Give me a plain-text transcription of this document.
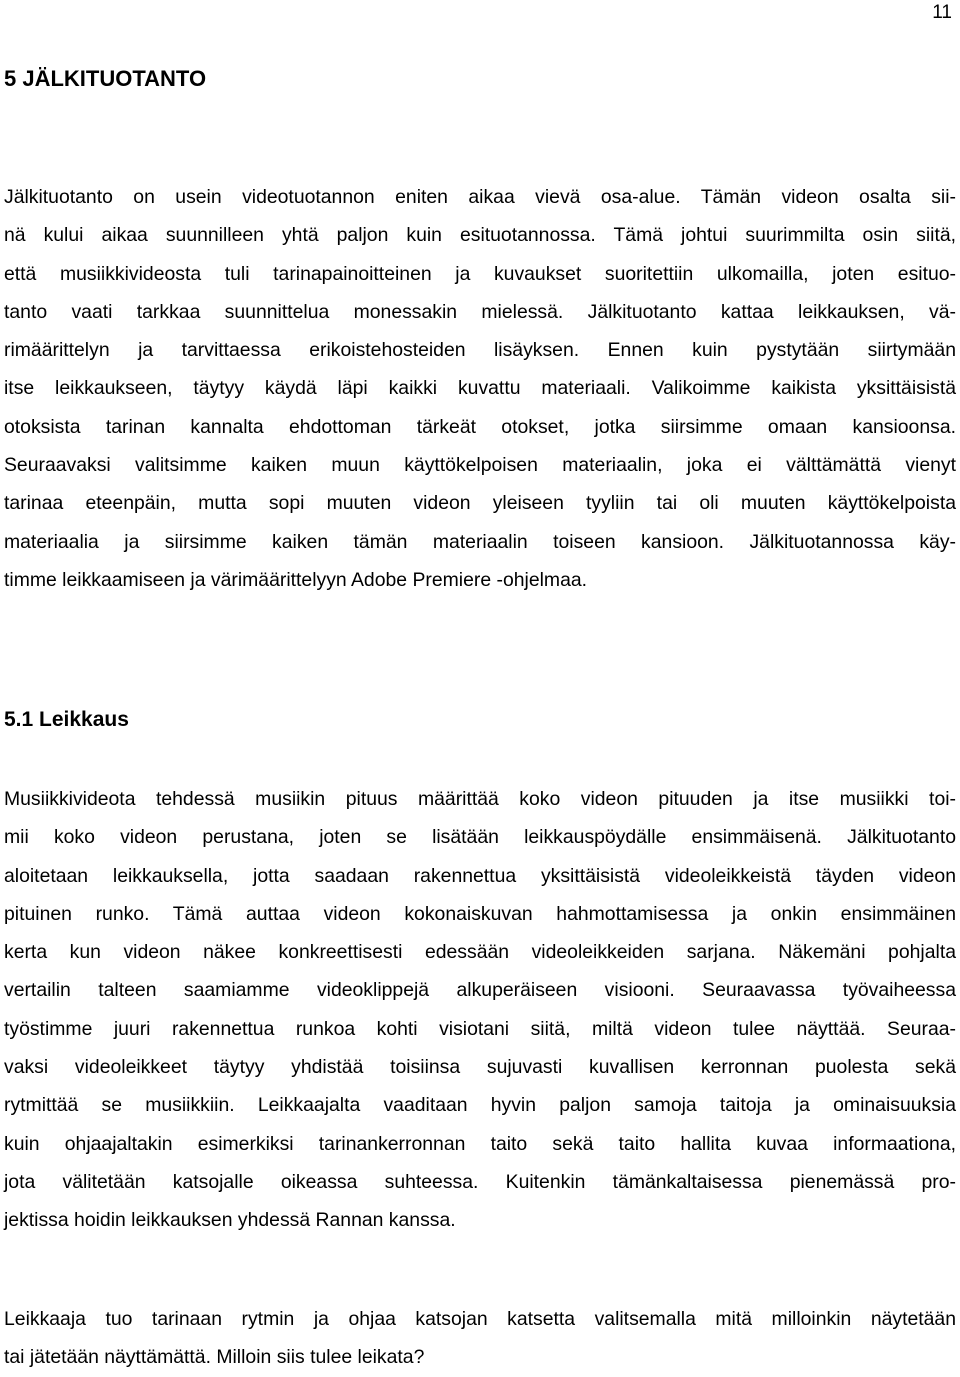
11
5 JÄLKITUOTANTO
Jälkituotanto on usein videotuotannon eniten aikaa vievä osa-alue. Tämän videon osalta sii-
nä kului aikaa suunnilleen yhtä paljon kuin esituotannossa. Tämä johtui suurimmilta osin siitä,
että musiikkivideosta tuli tarinapainoitteinen ja kuvaukset suoritettiin ulkomailla, joten esituo-
tanto vaati tarkkaa suunnittelua monessakin mielessä. Jälkituotanto kattaa leikkauksen, vä-
rimäärittelyn ja tarvittaessa erikoistehosteiden lisäyksen. Ennen kuin pystytään siirtymään
itse leikkaukseen, täytyy käydä läpi kaikki kuvattu materiaali. Valikoimme kaikista yksittäisistä
otoksista tarinan kannalta ehdottoman tärkeät otokset, jotka siirsimme omaan kansioonsa.
Seuraavaksi valitsimme kaiken muun käyttökelpoisen materiaalin, joka ei välttämättä vienyt
tarinaa eteenpäin, mutta sopi muuten videon yleiseen tyyliin tai oli muuten käyttökelpoista
materiaalia ja siirsimme kaiken tämän materiaalin toiseen kansioon. Jälkituotannossa käy-
timme leikkaamiseen ja värimäärittelyyn Adobe Premiere -ohjelmaa.
5.1 Leikkaus
Musiikkivideota tehdessä musiikin pituus määrittää koko videon pituuden ja itse musiikki toi-
mii koko videon perustana, joten se lisätään leikkauspöydälle ensimmäisenä. Jälkituotanto
aloitetaan leikkauksella, jotta saadaan rakennettua yksittäisistä videoleikkeistä täyden videon
pituinen runko. Tämä auttaa videon kokonaiskuvan hahmottamisessa ja onkin ensimmäinen
kerta kun videon näkee konkreettisesti edessään videoleikkeiden sarjana. Näkemäni pohjalta
vertailin talteen saamiamme videoklippejä alkuperäiseen visiooni. Seuraavassa työvaiheessa
työstimme juuri rakennettua runkoa kohti visiotani siitä, miltä videon tulee näyttää. Seuraa-
vaksi videoleikkeet täytyy yhdistää toisiinsa sujuvasti kuvallisen kerronnan puolesta sekä
rytmittää se musiikkiin. Leikkaajalta vaaditaan hyvin paljon samoja taitoja ja ominaisuuksia
kuin ohjaajaltakin esimerkiksi tarinankerronnan taito sekä taito hallita kuvaa informaationa,
jota välitetään katsojalle oikeassa suhteessa. Kuitenkin tämänkaltaisessa pienemässä pro-
jektissa hoidin leikkauksen yhdessä Rannan kanssa.
Leikkaaja tuo tarinaan rytmin ja ohjaa katsojan katsetta valitsemalla mitä milloinkin näytetään
tai jätetään näyttämättä. Milloin siis tulee leikata?
